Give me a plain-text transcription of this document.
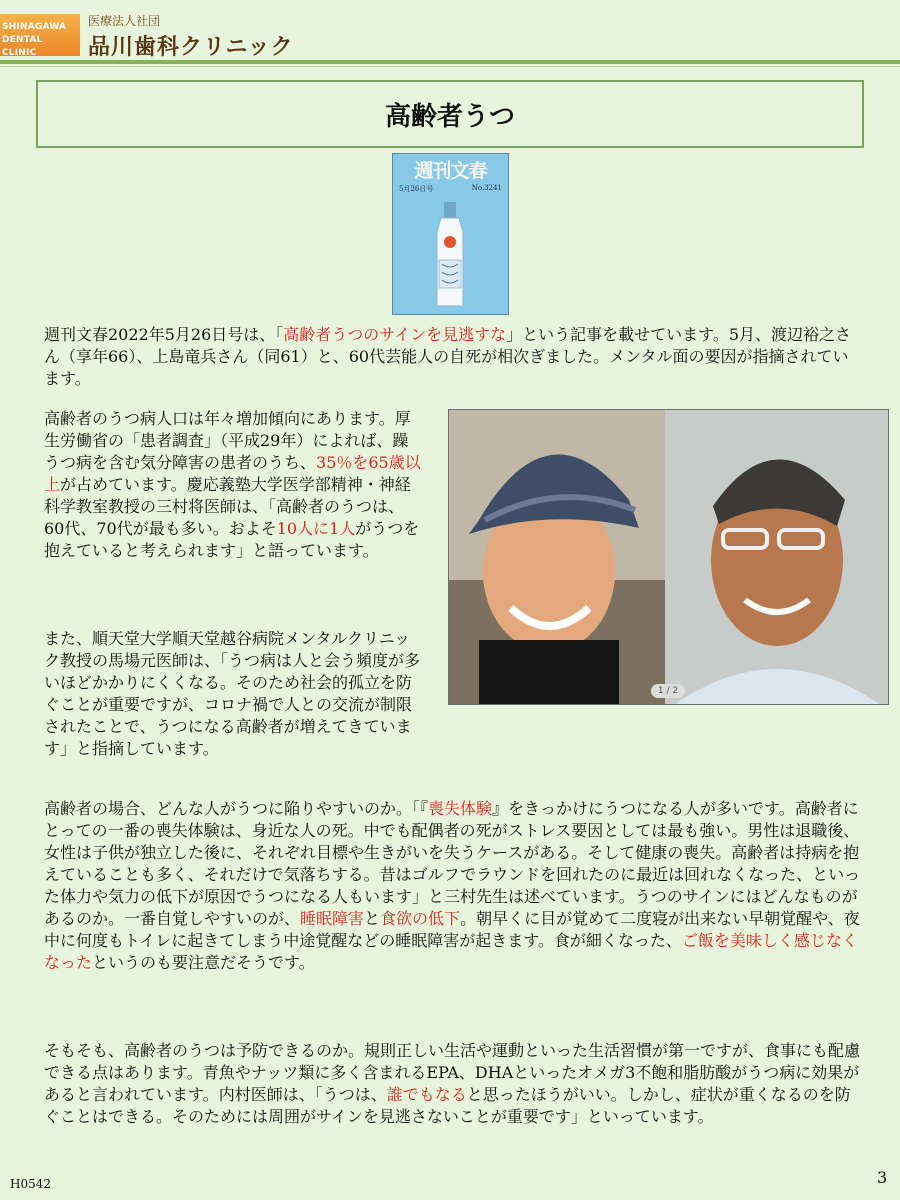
SHINAGAWA DENTAL CLINIC
医療法人社団
品川歯科クリニック
高齢者うつ
週刊文春
5月26日号	No.3241
週刊文春2022年5月26日号は、「高齢者うつのサインを見逃すな」という記事を載せています。5月、渡辺裕之さん（享年66）、上島竜兵さん（同61）と、60代芸能人の自死が相次ぎました。メンタル面の要因が指摘されています。
高齢者のうつ病人口は年々増加傾向にあります。厚生労働省の「患者調査」（平成29年）によれば、躁うつ病を含む気分障害の患者のうち、35％を65歳以上が占めています。慶応義塾大学医学部精神・神経科学教室教授の三村将医師は、「高齢者のうつは、60代、70代が最も多い。およそ10人に1人がうつを抱えていると考えられます」と語っています。
また、順天堂大学順天堂越谷病院メンタルクリニック教授の馬場元医師は、「うつ病は人と会う頻度が多いほどかかりにくくなる。そのため社会的孤立を防ぐことが重要ですが、コロナ禍で人との交流が制限されたことで、うつになる高齢者が増えてきています」と指摘しています。
1 / 2
高齢者の場合、どんな人がうつに陥りやすいのか。「『喪失体験』をきっかけにうつになる人が多いです。高齢者にとっての一番の喪失体験は、身近な人の死。中でも配偶者の死がストレス要因としては最も強い。男性は退職後、女性は子供が独立した後に、それぞれ目標や生きがいを失うケースがある。そして健康の喪失。高齢者は持病を抱えていることも多く、それだけで気落ちする。昔はゴルフでラウンドを回れたのに最近は回れなくなった、といった体力や気力の低下が原因でうつになる人もいます」と三村先生は述べています。うつのサインにはどんなものがあるのか。一番自覚しやすいのが、睡眠障害と食欲の低下。朝早くに目が覚めて二度寝が出来ない早朝覚醒や、夜中に何度もトイレに起きてしまう中途覚醒などの睡眠障害が起きます。食が細くなった、ご飯を美味しく感じなくなったというのも要注意だそうです。
そもそも、高齢者のうつは予防できるのか。規則正しい生活や運動といった生活習慣が第一ですが、食事にも配慮できる点はあります。青魚やナッツ類に多く含まれるEPA、DHAといったオメガ3不飽和脂肪酸がうつ病に効果があると言われています。内村医師は、「うつは、誰でもなると思ったほうがいい。しかし、症状が重くなるのを防ぐことはできる。そのためには周囲がサインを見逃さないことが重要です」といっています。
H0542	3
